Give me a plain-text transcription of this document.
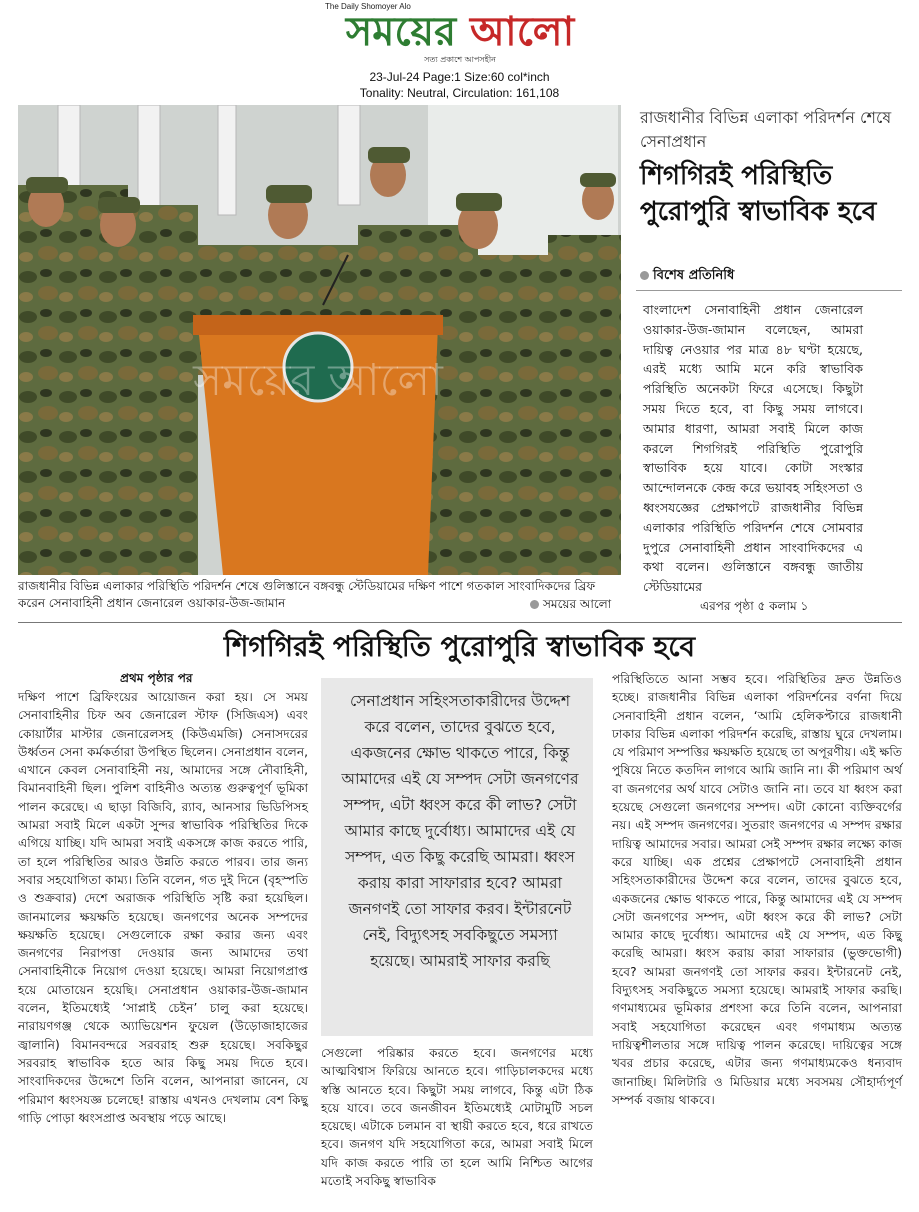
The Daily Shomoyer Alo
সময়ের আলো
সত্য প্রকাশে আপসহীন
23-Jul-24 Page:1 Size:60 col*inch
Tonality: Neutral, Circulation: 161,108
সময়ের আলো
রাজধানীর বিভিন্ন এলাকার পরিস্থিতি পরিদর্শন শেষে গুলিস্তানে বঙ্গবন্ধু স্টেডিয়ামের দক্ষিণ পাশে গতকাল সাংবাদিকদের ব্রিফ করেন সেনাবাহিনী প্রধান জেনারেল ওয়াকার-উজ-জামান	সময়ের আলো
রাজধানীর বিভিন্ন এলাকা পরিদর্শন শেষে সেনাপ্রধান
শিগগিরই পরিস্থিতি পুরোপুরি স্বাভাবিক হবে
বিশেষ প্রতিনিধি
বাংলাদেশ সেনাবাহিনী প্রধান জেনারেল ওয়াকার-উজ-জামান বলেছেন, আমরা দায়িত্ব নেওয়ার পর মাত্র ৪৮ ঘণ্টা হয়েছে, এরই মধ্যে আমি মনে করি স্বাভাবিক পরিস্থিতি অনেকটা ফিরে এসেছে। কিছুটা সময় দিতে হবে, বা কিছু সময় লাগবে। আমার ধারণা, আমরা সবাই মিলে কাজ করলে শিগগিরই পরিস্থিতি পুরোপুরি স্বাভাবিক হয়ে যাবে। কোটা সংস্কার আন্দোলনকে কেন্দ্র করে ভয়াবহ সহিংসতা ও ধ্বংসযজ্ঞের প্রেক্ষাপটে রাজধানীর বিভিন্ন এলাকার পরিস্থিতি পরিদর্শন শেষে সোমবার দুপুরে সেনাবাহিনী প্রধান সাংবাদিকদের এ কথা বলেন। গুলিস্তানে বঙ্গবন্ধু জাতীয় স্টেডিয়ামের
এরপর পৃষ্ঠা ৫ কলাম ১
শিগগিরই পরিস্থিতি পুরোপুরি স্বাভাবিক হবে
প্রথম পৃষ্ঠার পর
দক্ষিণ পাশে ব্রিফিংয়ের আয়োজন করা হয়। সে সময় সেনাবাহিনীর চিফ অব জেনারেল স্টাফ (সিজিএস) এবং কোয়ার্টার মাস্টার জেনারেলসহ (কিউএমজি) সেনাসদরের উর্ধ্বতন সেনা কর্মকর্তারা উপস্থিত ছিলেন। সেনাপ্রধান বলেন, এখানে কেবল সেনাবাহিনী নয়, আমাদের সঙ্গে নৌবাহিনী, বিমানবাহিনী ছিল। পুলিশ বাহিনীও অত্যন্ত গুরুত্বপূর্ণ ভূমিকা পালন করেছে। এ ছাড়া বিজিবি, র‌্যাব, আনসার ভিডিপিসহ আমরা সবাই মিলে একটা সুন্দর স্বাভাবিক পরিস্থিতির দিকে এগিয়ে যাচ্ছি। যদি আমরা সবাই একসঙ্গে কাজ করতে পারি, তা হলে পরিস্থিতির আরও উন্নতি করতে পারব। তার জন্য সবার সহযোগিতা কাম্য। তিনি বলেন, গত দুই দিনে (বৃহস্পতি ও শুক্রবার) দেশে অরাজক পরিস্থিতি সৃষ্টি করা হয়েছিল। জানমালের ক্ষয়ক্ষতি হয়েছে। জনগণের অনেক সম্পদের ক্ষয়ক্ষতি হয়েছে। সেগুলোকে রক্ষা করার জন্য এবং জনগণের নিরাপত্তা দেওয়ার জন্য আমাদের তথা সেনাবাহিনীকে নিয়োগ দেওয়া হয়েছে। আমরা নিয়োগপ্রাপ্ত হয়ে মোতায়েন হয়েছি। সেনাপ্রধান ওয়াকার-উজ-জামান বলেন, ইতিমধ্যেই ‘সাপ্লাই চেইন’ চালু করা হয়েছে। নারায়ণগঞ্জ থেকে অ্যাভিয়েশন ফুয়েল (উড়োজাহাজের জ্বালানি) বিমানবন্দরে সরবরাহ শুরু হয়েছে। সবকিছুর সরবরাহ স্বাভাবিক হতে আর কিছু সময় দিতে হবে। সাংবাদিকদের উদ্দেশে তিনি বলেন, আপনারা জানেন, যে পরিমাণ ধ্বংসযজ্ঞ চলেছে! রাস্তায় এখনও দেখলাম বেশ কিছু গাড়ি পোড়া ধ্বংসপ্রাপ্ত অবস্থায় পড়ে আছে।
সেনাপ্রধান সহিংসতাকারীদের উদ্দেশ করে বলেন, তাদের বুঝতে হবে, একজনের ক্ষোভ থাকতে পারে, কিন্তু আমাদের এই যে সম্পদ সেটা জনগণের সম্পদ, এটা ধ্বংস করে কী লাভ? সেটা আমার কাছে দুর্বোধ্য। আমাদের এই যে সম্পদ, এত কিছু করেছি আমরা। ধ্বংস করায় কারা সাফারার হবে? আমরা জনগণই তো সাফার করব। ইন্টারনেট নেই, বিদ্যুৎসহ সবকিছুতে সমস্যা হয়েছে। আমরাই সাফার করছি
সেগুলো পরিষ্কার করতে হবে। জনগণের মধ্যে আত্মবিশ্বাস ফিরিয়ে আনতে হবে। গাড়িচালকদের মধ্যে স্বস্তি আনতে হবে। কিছুটা সময় লাগবে, কিন্তু এটা ঠিক হয়ে যাবে। তবে জনজীবন ইতিমধ্যেই মোটামুটি সচল হয়েছে। এটাকে চলমান বা স্থায়ী করতে হবে, ধরে রাখতে হবে। জনগণ যদি সহযোগিতা করে, আমরা সবাই মিলে যদি কাজ করতে পারি তা হলে আমি নিশ্চিত আগের মতোই সবকিছু স্বাভাবিক
পরিস্থিতিতে আনা সম্ভব হবে। পরিস্থিতির দ্রুত উন্নতিও হচ্ছে। রাজধানীর বিভিন্ন এলাকা পরিদর্শনের বর্ণনা দিয়ে সেনাবাহিনী প্রধান বলেন, ‘আমি হেলিকপ্টারে রাজধানী ঢাকার বিভিন্ন এলাকা পরিদর্শন করেছি, রাস্তায় ঘুরে দেখলাম। যে পরিমাণ সম্পত্তির ক্ষয়ক্ষতি হয়েছে তা অপূরণীয়। এই ক্ষতি পুষিয়ে নিতে কতদিন লাগবে আমি জানি না। কী পরিমাণ অর্থ বা জনগণের অর্থ যাবে সেটাও জানি না। তবে যা ধ্বংস করা হয়েছে সেগুলো জনগণের সম্পদ। এটা কোনো ব্যক্তিবর্গের নয়। এই সম্পদ জনগণের। সুতরাং জনগণের এ সম্পদ রক্ষার দায়িত্ব আমাদের সবার। আমরা সেই সম্পদ রক্ষার লক্ষ্যে কাজ করে যাচ্ছি। এক প্রশ্নের প্রেক্ষাপটে সেনাবাহিনী প্রধান সহিংসতাকারীদের উদ্দেশ করে বলেন, তাদের বুঝতে হবে, একজনের ক্ষোভ থাকতে পারে, কিন্তু আমাদের এই যে সম্পদ সেটা জনগণের সম্পদ, এটা ধ্বংস করে কী লাভ? সেটা আমার কাছে দুর্বোধ্য। আমাদের এই যে সম্পদ, এত কিছু করেছি আমরা। ধ্বংস করায় কারা সাফারার (ভুক্তভোগী) হবে? আমরা জনগণই তো সাফার করব। ইন্টারনেট নেই, বিদ্যুৎসহ সবকিছুতে সমস্যা হয়েছে। আমরাই সাফার করছি। গণমাধ্যমের ভূমিকার প্রশংসা করে তিনি বলেন, আপনারা সবাই সহযোগিতা করেছেন এবং গণমাধ্যম অত্যন্ত দায়িত্বশীলতার সঙ্গে দায়িত্ব পালন করেছে। দায়িত্বের সঙ্গে খবর প্রচার করেছে, এটার জন্য গণমাধ্যমকেও ধন্যবাদ জানাচ্ছি। মিলিটারি ও মিডিয়ার মধ্যে সবসময় সৌহার্দ্যপূর্ণ সম্পর্ক বজায় থাকবে।
